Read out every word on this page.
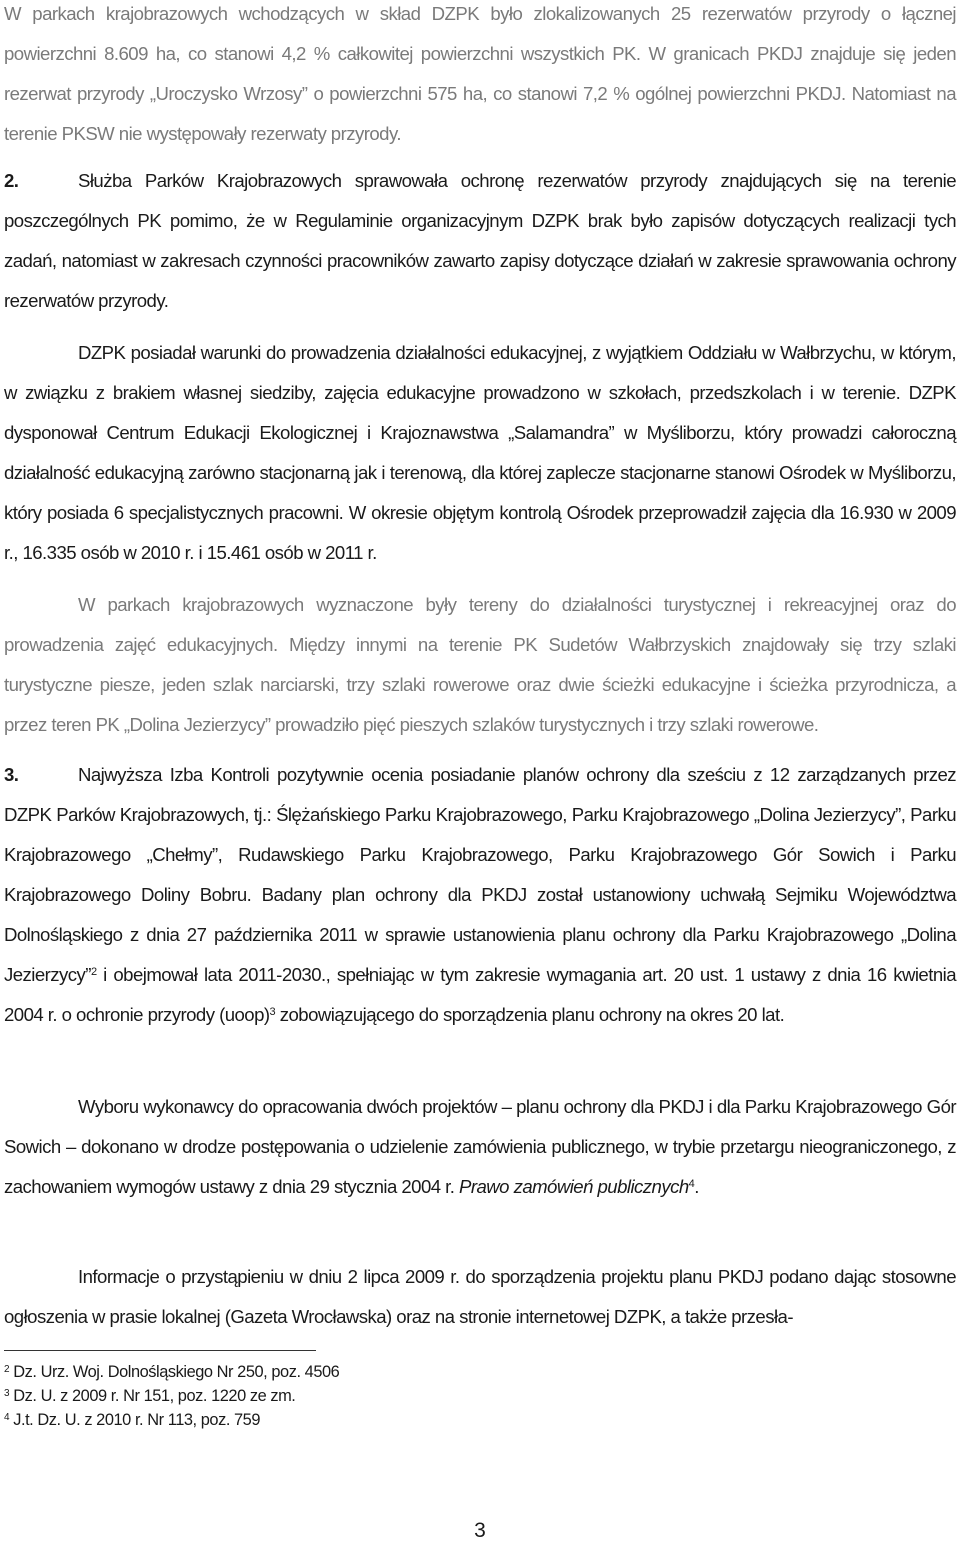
W parkach krajobrazowych wchodzących w skład DZPK było zlokalizowanych 25 rezerwatów przyrody o łącznej powierzchni 8.609 ha, co stanowi 4,2 % całkowitej powierzchni wszystkich PK. W granicach PKDJ znajduje się jeden rezerwat przyrody „Uroczysko Wrzosy” o powierzchni 575 ha, co stanowi 7,2 % ogólnej powierzchni PKDJ. Natomiast na terenie PKSW nie występowały rezerwaty przyrody.

2.	Służba Parków Krajobrazowych sprawowała ochronę rezerwatów przyrody znajdujących się na terenie poszczególnych PK pomimo, że w Regulaminie organizacyjnym DZPK brak było zapisów dotyczących realizacji tych zadań, natomiast w zakresach czynności pracowników zawarto zapisy dotyczące działań w zakresie sprawowania ochrony rezerwatów przyrody.

DZPK posiadał warunki do prowadzenia działalności edukacyjnej, z wyjątkiem Oddziału w Wałbrzychu, w którym, w związku z brakiem własnej siedziby, zajęcia edukacyjne prowadzono w szkołach, przedszkolach i w terenie. DZPK dysponował Centrum Edukacji Ekologicznej i Krajoznawstwa „Salamandra” w Myśliborzu, który prowadzi całoroczną działalność edukacyjną zarówno stacjonarną jak i terenową, dla której zaplecze stacjonarne stanowi Ośrodek w Myśliborzu, który posiada 6 specjalistycznych pracowni. W okresie objętym kontrolą Ośrodek przeprowadził zajęcia dla 16.930 w 2009 r., 16.335 osób w 2010 r. i 15.461 osób w 2011 r.

W parkach krajobrazowych wyznaczone były tereny do działalności turystycznej i rekreacyjnej oraz do prowadzenia zajęć edukacyjnych. Między innymi na terenie PK Sudetów Wałbrzyskich znajdowały się trzy szlaki turystyczne piesze, jeden szlak narciarski, trzy szlaki rowerowe oraz dwie ścieżki edukacyjne i ścieżka przyrodnicza, a przez teren PK „Dolina Jezierzycy” prowadziło pięć pieszych szlaków turystycznych i trzy szlaki rowerowe.

3.	Najwyższa Izba Kontroli pozytywnie ocenia posiadanie planów ochrony dla sześciu z 12 zarządzanych przez DZPK Parków Krajobrazowych, tj.: Ślężańskiego Parku Krajobrazowego, Parku Krajobrazowego „Dolina Jezierzycy”, Parku Krajobrazowego „Chełmy”, Rudawskiego Parku Krajobrazowego, Parku Krajobrazowego Gór Sowich i Parku Krajobrazowego Doliny Bobru. Badany plan ochrony dla PKDJ został ustanowiony uchwałą Sejmiku Województwa Dolnośląskiego z dnia 27 października 2011 w sprawie ustanowienia planu ochrony dla Parku Krajobrazowego „Dolina Jezierzycy”$^2$ i obejmował lata 2011-2030., spełniając w tym zakresie wymagania art. 20 ust. 1 ustawy z dnia 16 kwietnia 2004 r. o ochronie przyrody (uoop)$^3$ zobowiązującego do sporządzenia planu ochrony na okres 20 lat.

Wyboru wykonawcy do opracowania dwóch projektów – planu ochrony dla PKDJ i dla Parku Krajobrazowego Gór Sowich – dokonano w drodze postępowania o udzielenie zamówienia publicznego, w trybie przetargu nieograniczonego, z zachowaniem wymogów ustawy z dnia 29 stycznia 2004 r. Prawo zamówień publicznych$^4$.

Informacje o przystąpieniu w dniu 2 lipca 2009 r. do sporządzenia projektu planu PKDJ podano dając stosowne ogłoszenia w prasie lokalnej (Gazeta Wrocławska) oraz na stronie internetowej DZPK, a także przesła-

$^2$ Dz. Urz. Woj. Dolnośląskiego Nr 250, poz. 4506
$^3$ Dz. U. z 2009 r. Nr 151, poz. 1220 ze zm.
$^4$ J.t. Dz. U. z 2010 r. Nr 113, poz. 759
3
